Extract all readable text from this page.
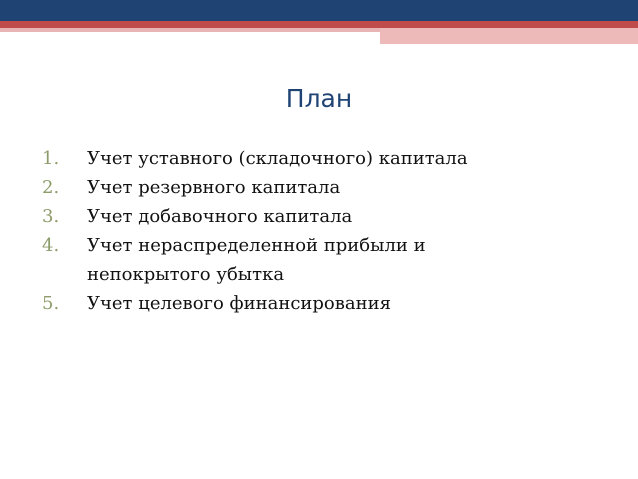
План
1. Учет уставного (складочного) капитала
2. Учет резервного капитала
3. Учет добавочного капитала
4. Учет нераспределенной прибыли и
непокрытого убытка
5. Учет целевого финансирования
